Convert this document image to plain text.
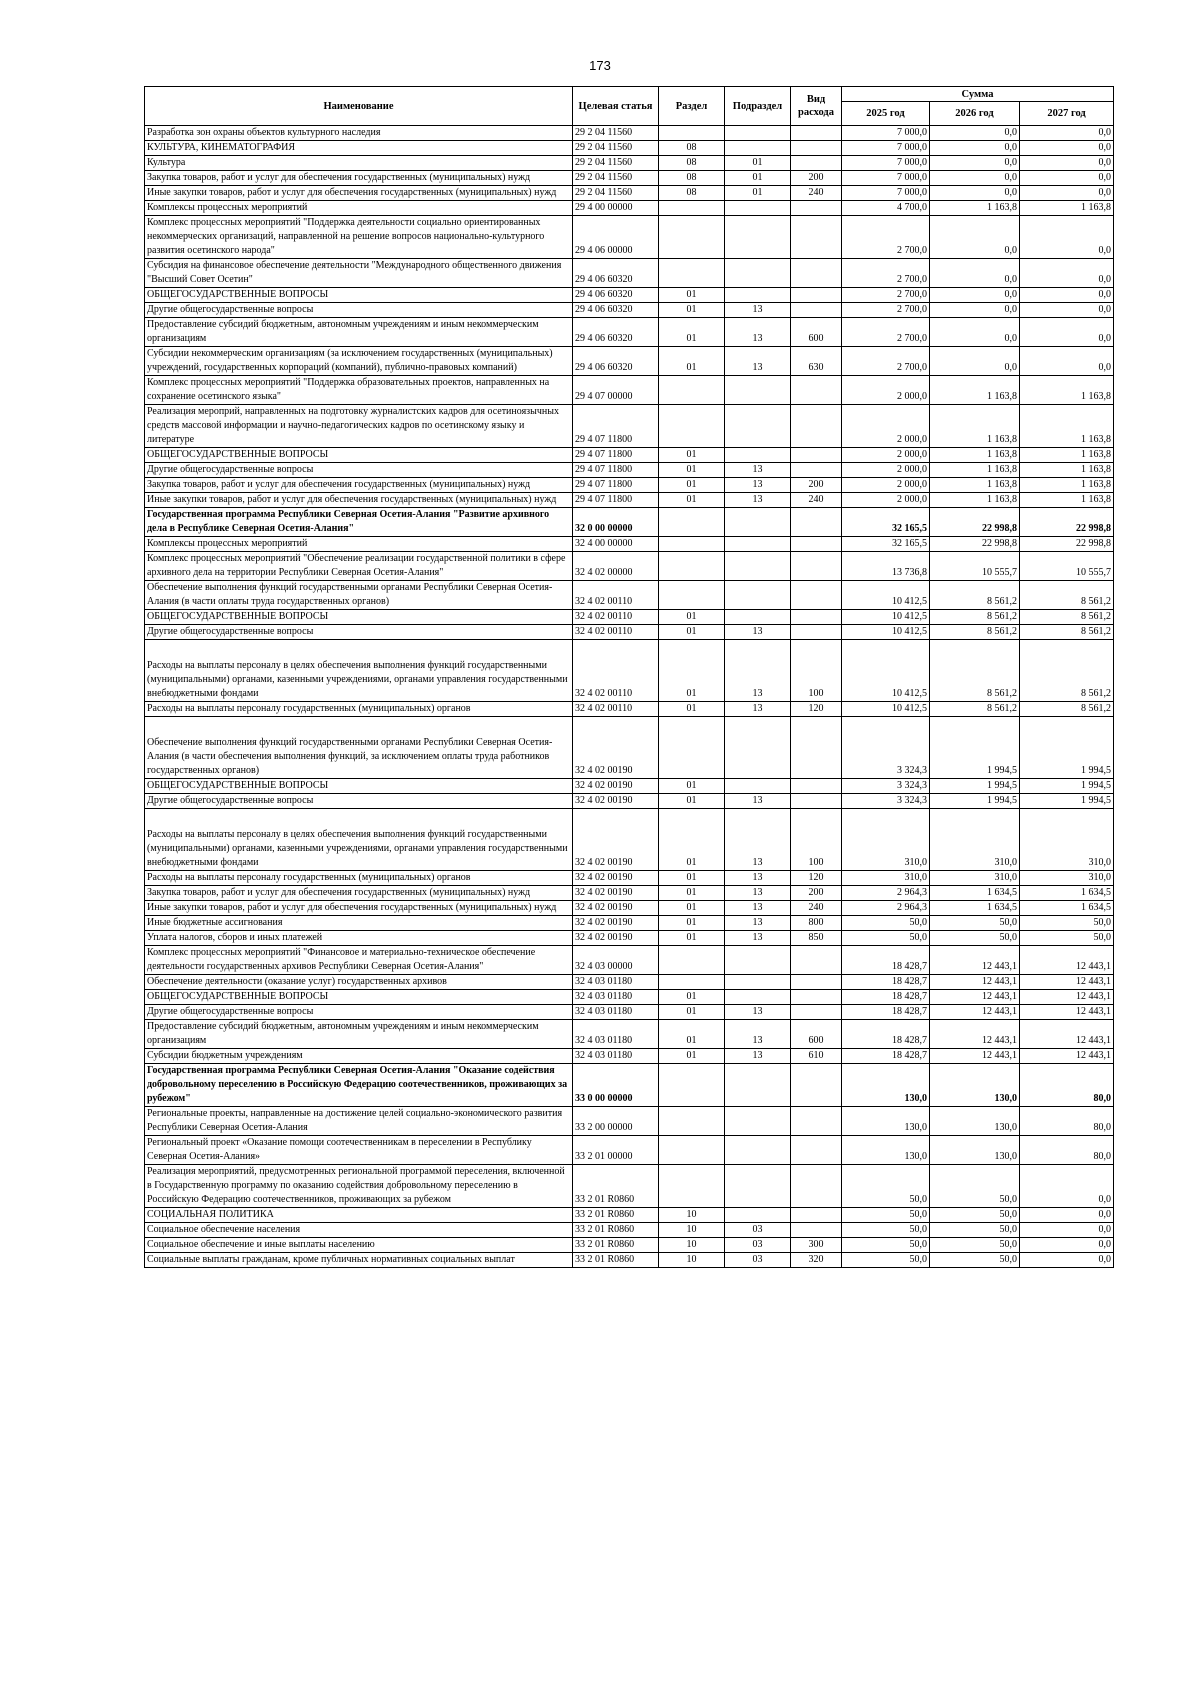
173
Наименование	Целевая статья	Раздел	Подраздел	Вид расхода	Сумма		
					2025 год	2026 год	2027 год
Разработка зон охраны объектов культурного наследия	29 2 04 11560				7 000,0	0,0	0,0
КУЛЬТУРА, КИНЕМАТОГРАФИЯ	29 2 04 11560	08			7 000,0	0,0	0,0
Культура	29 2 04 11560	08	01		7 000,0	0,0	0,0
Закупка товаров, работ и услуг для обеспечения государственных (муниципальных) нужд	29 2 04 11560	08	01	200	7 000,0	0,0	0,0
Иные закупки товаров, работ и услуг для обеспечения государственных (муниципальных) нужд	29 2 04 11560	08	01	240	7 000,0	0,0	0,0
Комплексы процессных мероприятий	29 4 00 00000				4 700,0	1 163,8	1 163,8
Комплекс процессных мероприятий "Поддержка деятельности социально ориентированных некоммерческих организаций, направленной на решение вопросов национально-культурного развития осетинского народа"	29 4 06 00000				2 700,0	0,0	0,0
Субсидия на финансовое обеспечение деятельности "Международного общественного движения "Высший Совет Осетин"	29 4 06 60320				2 700,0	0,0	0,0
ОБЩЕГОСУДАРСТВЕННЫЕ ВОПРОСЫ	29 4 06 60320	01			2 700,0	0,0	0,0
Другие общегосударственные вопросы	29 4 06 60320	01	13		2 700,0	0,0	0,0
Предоставление субсидий бюджетным, автономным учреждениям и иным некоммерческим организациям	29 4 06 60320	01	13	600	2 700,0	0,0	0,0
Субсидии некоммерческим организациям (за исключением государственных (муниципальных) учреждений, государственных корпораций (компаний), публично-правовых компаний)	29 4 06 60320	01	13	630	2 700,0	0,0	0,0
Комплекс процессных мероприятий "Поддержка образовательных проектов, направленных на сохранение осетинского языка"	29 4 07 00000				2 000,0	1 163,8	1 163,8
Реализация мероприй, направленных на подготовку журналистских кадров для осетиноязычных средств массовой информации и научно-педагогических кадров по осетинскому языку и литературе	29 4 07 11800				2 000,0	1 163,8	1 163,8
ОБЩЕГОСУДАРСТВЕННЫЕ ВОПРОСЫ	29 4 07 11800	01			2 000,0	1 163,8	1 163,8
Другие общегосударственные вопросы	29 4 07 11800	01	13		2 000,0	1 163,8	1 163,8
Закупка товаров, работ и услуг для обеспечения государственных (муниципальных) нужд	29 4 07 11800	01	13	200	2 000,0	1 163,8	1 163,8
Иные закупки товаров, работ и услуг для обеспечения государственных (муниципальных) нужд	29 4 07 11800	01	13	240	2 000,0	1 163,8	1 163,8
Государственная программа Республики Северная Осетия-Алания "Развитие архивного дела в Республике Северная Осетия-Алания"	32 0 00 00000				32 165,5	22 998,8	22 998,8
Комплексы процессных мероприятий	32 4 00 00000				32 165,5	22 998,8	22 998,8
Комплекс процессных мероприятий "Обеспечение реализации государственной политики в сфере архивного дела на территории Республики Северная Осетия-Алания"	32 4 02 00000				13 736,8	10 555,7	10 555,7
Обеспечение выполнения функций государственными органами Республики Северная Осетия-Алания (в части оплаты труда государственных органов)	32 4 02 00110				10 412,5	8 561,2	8 561,2
ОБЩЕГОСУДАРСТВЕННЫЕ ВОПРОСЫ	32 4 02 00110	01			10 412,5	8 561,2	8 561,2
Другие общегосударственные вопросы	32 4 02 00110	01	13		10 412,5	8 561,2	8 561,2
Расходы на выплаты персоналу в целях обеспечения выполнения функций государственными (муниципальными) органами, казенными учреждениями, органами управления государственными внебюджетными фондами	32 4 02 00110	01	13	100	10 412,5	8 561,2	8 561,2
Расходы на выплаты персоналу государственных (муниципальных) органов	32 4 02 00110	01	13	120	10 412,5	8 561,2	8 561,2
Обеспечение выполнения функций государственными органами Республики Северная Осетия-Алания (в части обеспечения выполнения функций, за исключением оплаты труда работников государственных органов)	32 4 02 00190				3 324,3	1 994,5	1 994,5
ОБЩЕГОСУДАРСТВЕННЫЕ ВОПРОСЫ	32 4 02 00190	01			3 324,3	1 994,5	1 994,5
Другие общегосударственные вопросы	32 4 02 00190	01	13		3 324,3	1 994,5	1 994,5
Расходы на выплаты персоналу в целях обеспечения выполнения функций государственными (муниципальными) органами, казенными учреждениями, органами управления государственными внебюджетными фондами	32 4 02 00190	01	13	100	310,0	310,0	310,0
Расходы на выплаты персоналу государственных (муниципальных) органов	32 4 02 00190	01	13	120	310,0	310,0	310,0
Закупка товаров, работ и услуг для обеспечения государственных (муниципальных) нужд	32 4 02 00190	01	13	200	2 964,3	1 634,5	1 634,5
Иные закупки товаров, работ и услуг для обеспечения государственных (муниципальных) нужд	32 4 02 00190	01	13	240	2 964,3	1 634,5	1 634,5
Иные бюджетные ассигнования	32 4 02 00190	01	13	800	50,0	50,0	50,0
Уплата налогов, сборов и иных платежей	32 4 02 00190	01	13	850	50,0	50,0	50,0
Комплекс процессных мероприятий "Финансовое и материально-техническое обеспечение деятельности государственных архивов Республики Северная Осетия-Алания"	32 4 03 00000				18 428,7	12 443,1	12 443,1
Обеспечение деятельности (оказание услуг) государственных архивов	32 4 03 01180				18 428,7	12 443,1	12 443,1
ОБЩЕГОСУДАРСТВЕННЫЕ ВОПРОСЫ	32 4 03 01180	01			18 428,7	12 443,1	12 443,1
Другие общегосударственные вопросы	32 4 03 01180	01	13		18 428,7	12 443,1	12 443,1
Предоставление субсидий бюджетным, автономным учреждениям и иным некоммерческим организациям	32 4 03 01180	01	13	600	18 428,7	12 443,1	12 443,1
Субсидии бюджетным учреждениям	32 4 03 01180	01	13	610	18 428,7	12 443,1	12 443,1
Государственная программа Республики Северная Осетия-Алания "Оказание содействия добровольному переселению в Российскую Федерацию соотечественников, проживающих за рубежом"	33 0 00 00000				130,0	130,0	80,0
Региональные проекты, направленные на достижение целей социально-экономического развития Республики Северная Осетия-Алания	33 2 00 00000				130,0	130,0	80,0
Региональный проект «Оказание помощи соотечественникам в переселении в Республику Северная Осетия-Алания»	33 2 01 00000				130,0	130,0	80,0
Реализация мероприятий, предусмотренных региональной программой переселения, включенной в Государственную программу по оказанию содействия добровольному переселению в Российскую Федерацию соотечественников, проживающих за рубежом	33 2 01 R0860				50,0	50,0	0,0
СОЦИАЛЬНАЯ ПОЛИТИКА	33 2 01 R0860	10			50,0	50,0	0,0
Социальное обеспечение населения	33 2 01 R0860	10	03		50,0	50,0	0,0
Социальное обеспечение и иные выплаты населению	33 2 01 R0860	10	03	300	50,0	50,0	0,0
Социальные выплаты гражданам, кроме публичных нормативных социальных выплат	33 2 01 R0860	10	03	320	50,0	50,0	0,0
